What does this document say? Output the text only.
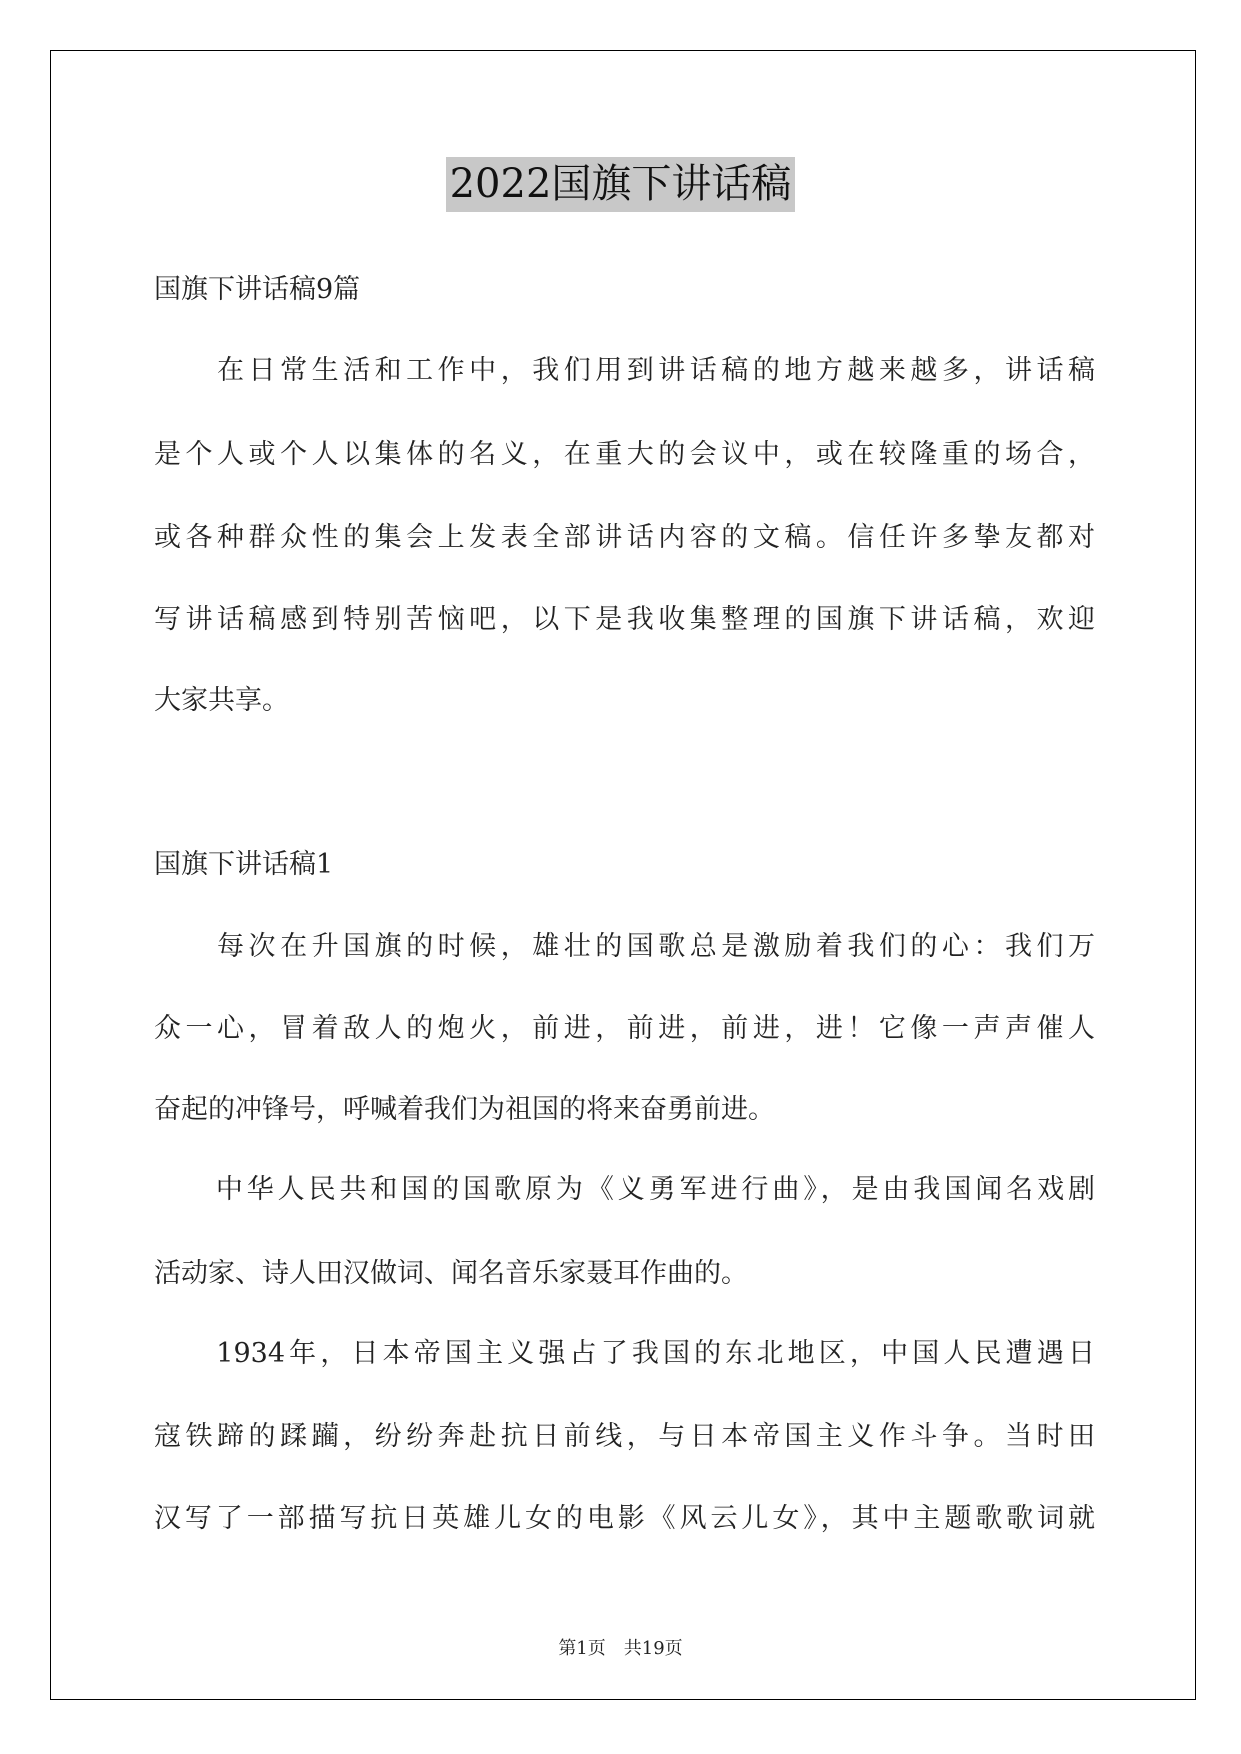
2022国旗下讲话稿
国旗下讲话稿9篇
　　在日常生活和工作中，我们用到讲话稿的地方越来越多，讲话稿
是个人或个人以集体的名义，在重大的会议中，或在较隆重的场合，
或各种群众性的集会上发表全部讲话内容的文稿。信任许多挚友都对
写讲话稿感到特别苦恼吧，以下是我收集整理的国旗下讲话稿，欢迎
大家共享。
国旗下讲话稿1
　　每次在升国旗的时候，雄壮的国歌总是激励着我们的心：我们万
众一心，冒着敌人的炮火，前进，前进，前进，进！它像一声声催人
奋起的冲锋号，呼喊着我们为祖国的将来奋勇前进。
　　中华人民共和国的国歌原为《义勇军进行曲》，是由我国闻名戏剧
活动家、诗人田汉做词、闻名音乐家聂耳作曲的。
　　1934年，日本帝国主义强占了我国的东北地区，中国人民遭遇日
寇铁蹄的蹂躏，纷纷奔赴抗日前线，与日本帝国主义作斗争。当时田
汉写了一部描写抗日英雄儿女的电影《风云儿女》，其中主题歌歌词就
第1页　共19页
